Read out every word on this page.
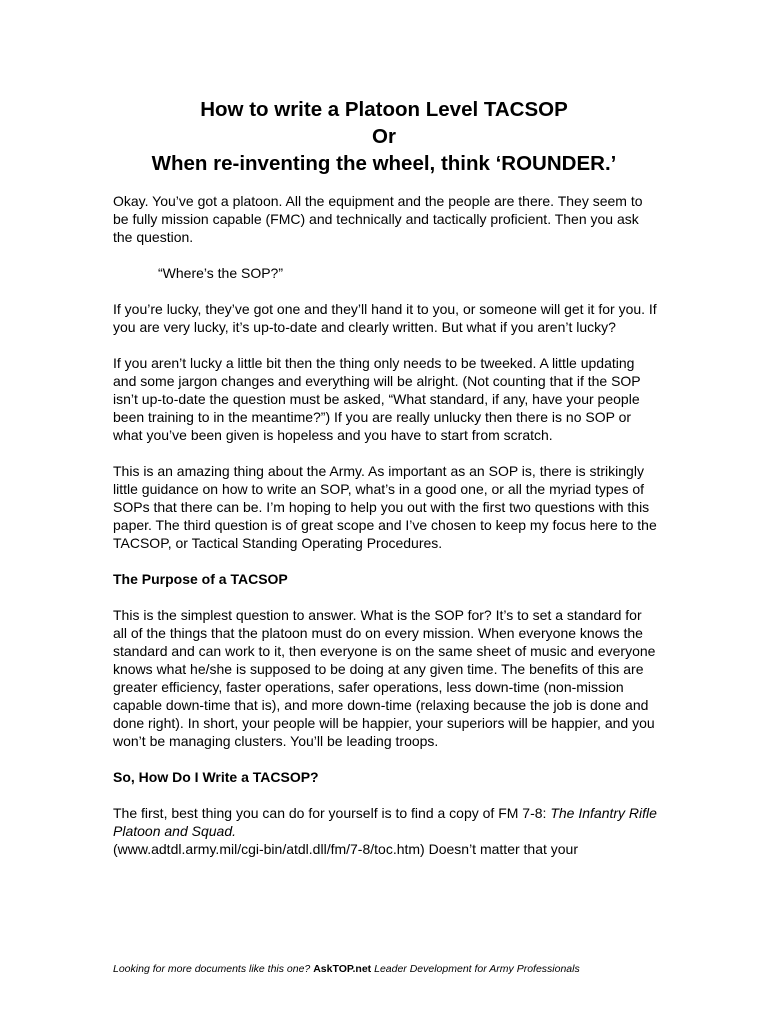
How to write a Platoon Level TACSOP
Or
When re-inventing the wheel, think ‘ROUNDER.’

Okay. You’ve got a platoon. All the equipment and the people are there. They seem to be fully mission capable (FMC) and technically and tactically proficient. Then you ask the question.

“Where’s the SOP?”

If you’re lucky, they’ve got one and they’ll hand it to you, or someone will get it for you. If you are very lucky, it’s up-to-date and clearly written. But what if you aren’t lucky?

If you aren’t lucky a little bit then the thing only needs to be tweeked. A little updating and some jargon changes and everything will be alright. (Not counting that if the SOP isn’t up-to-date the question must be asked, “What standard, if any, have your people been training to in the meantime?”) If you are really unlucky then there is no SOP or what you’ve been given is hopeless and you have to start from scratch.

This is an amazing thing about the Army. As important as an SOP is, there is strikingly little guidance on how to write an SOP, what’s in a good one, or all the myriad types of SOPs that there can be. I’m hoping to help you out with the first two questions with this paper. The third question is of great scope and I’ve chosen to keep my focus here to the TACSOP, or Tactical Standing Operating Procedures.

The Purpose of a TACSOP

This is the simplest question to answer. What is the SOP for? It’s to set a standard for all of the things that the platoon must do on every mission. When everyone knows the standard and can work to it, then everyone is on the same sheet of music and everyone knows what he/she is supposed to be doing at any given time. The benefits of this are greater efficiency, faster operations, safer operations, less down-time (non-mission capable down-time that is), and more down-time (relaxing because the job is done and done right). In short, your people will be happier, your superiors will be happier, and you won’t be managing clusters. You’ll be leading troops.

So, How Do I Write a TACSOP?

The first, best thing you can do for yourself is to find a copy of FM 7-8: The Infantry Rifle Platoon and Squad.
(www.adtdl.army.mil/cgi-bin/atdl.dll/fm/7-8/toc.htm) Doesn’t matter that your

Looking for more documents like this one? AskTOP.net Leader Development for Army Professionals
